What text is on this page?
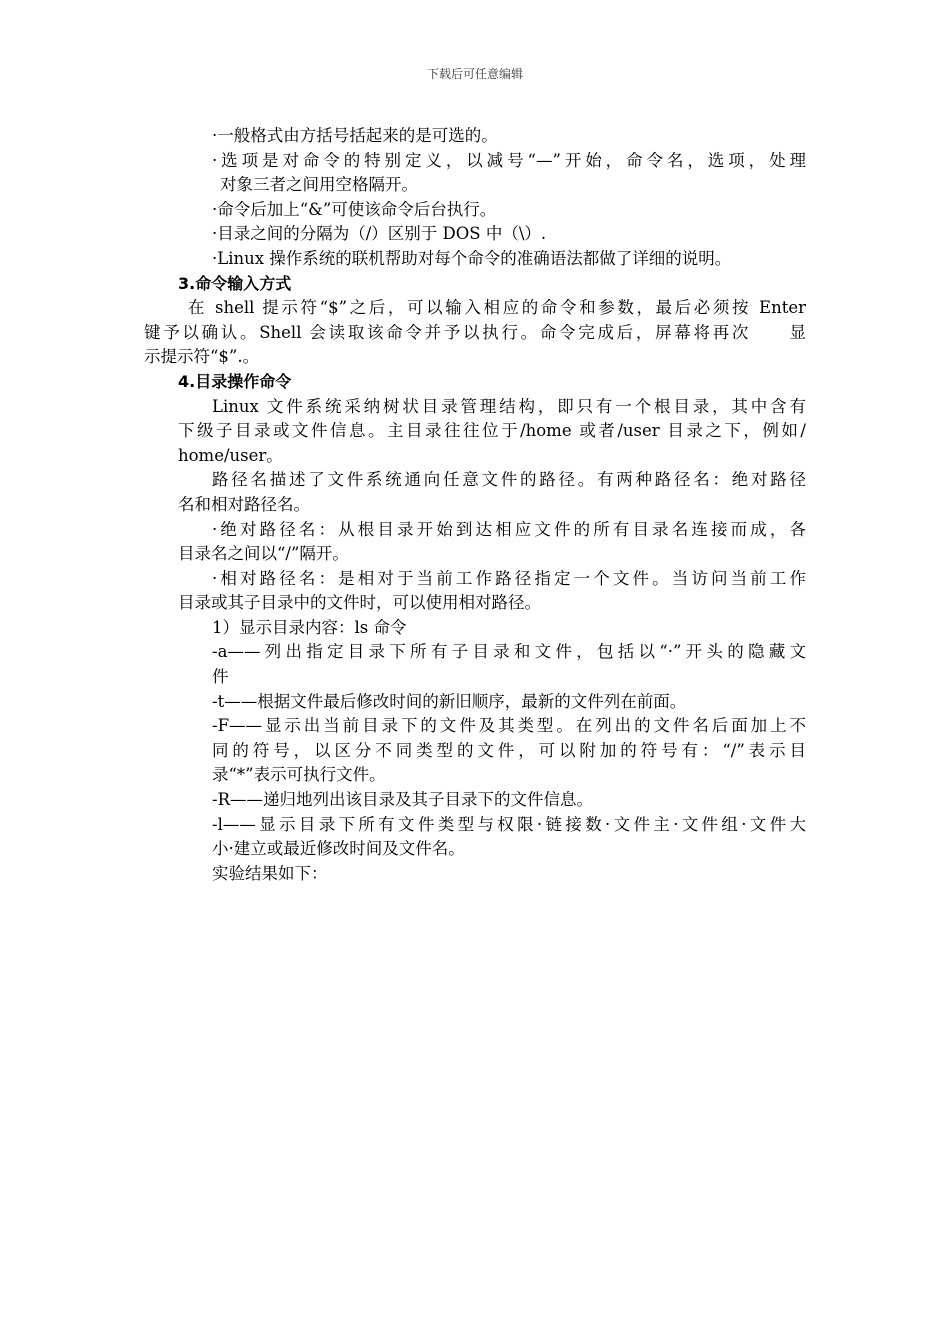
下载后可任意编辑
·一般格式由方括号括起来的是可选的。
·选项是对命令的特别定义，以减号“—”开始，命令名，选项，处理
对象三者之间用空格隔开。
·命令后加上“&”可使该命令后台执行。
·目录之间的分隔为（/）区别于 DOS 中（\）.
·Linux 操作系统的联机帮助对每个命令的准确语法都做了详细的说明。
3.命令输入方式
在 shell 提示符“$”之后，可以输入相应的命令和参数，最后必须按 Enter
键予以确认。Shell 会读取该命令并予以执行。命令完成后，屏幕将再次　　显
示提示符“$”.。
4.目录操作命令
Linux 文件系统采纳树状目录管理结构，即只有一个根目录，其中含有
下级子目录或文件信息。主目录往往位于/home 或者/user 目录之下，例如/
home/user。
路径名描述了文件系统通向任意文件的路径。有两种路径名：绝对路径
名和相对路径名。
·绝对路径名：从根目录开始到达相应文件的所有目录名连接而成，各
目录名之间以“/”隔开。
·相对路径名：是相对于当前工作路径指定一个文件。当访问当前工作
目录或其子目录中的文件时，可以使用相对路径。
1）显示目录内容：ls 命令
-a——列出指定目录下所有子目录和文件，包括以“·”开头的隐藏文
件
-t——根据文件最后修改时间的新旧顺序，最新的文件列在前面。
-F——显示出当前目录下的文件及其类型。在列出的文件名后面加上不
同的符号，以区分不同类型的文件，可以附加的符号有：“/”表示目
录“*”表示可执行文件。
-R——递归地列出该目录及其子目录下的文件信息。
-l——显示目录下所有文件类型与权限·链接数·文件主·文件组·文件大
小·建立或最近修改时间及文件名。
实验结果如下：
